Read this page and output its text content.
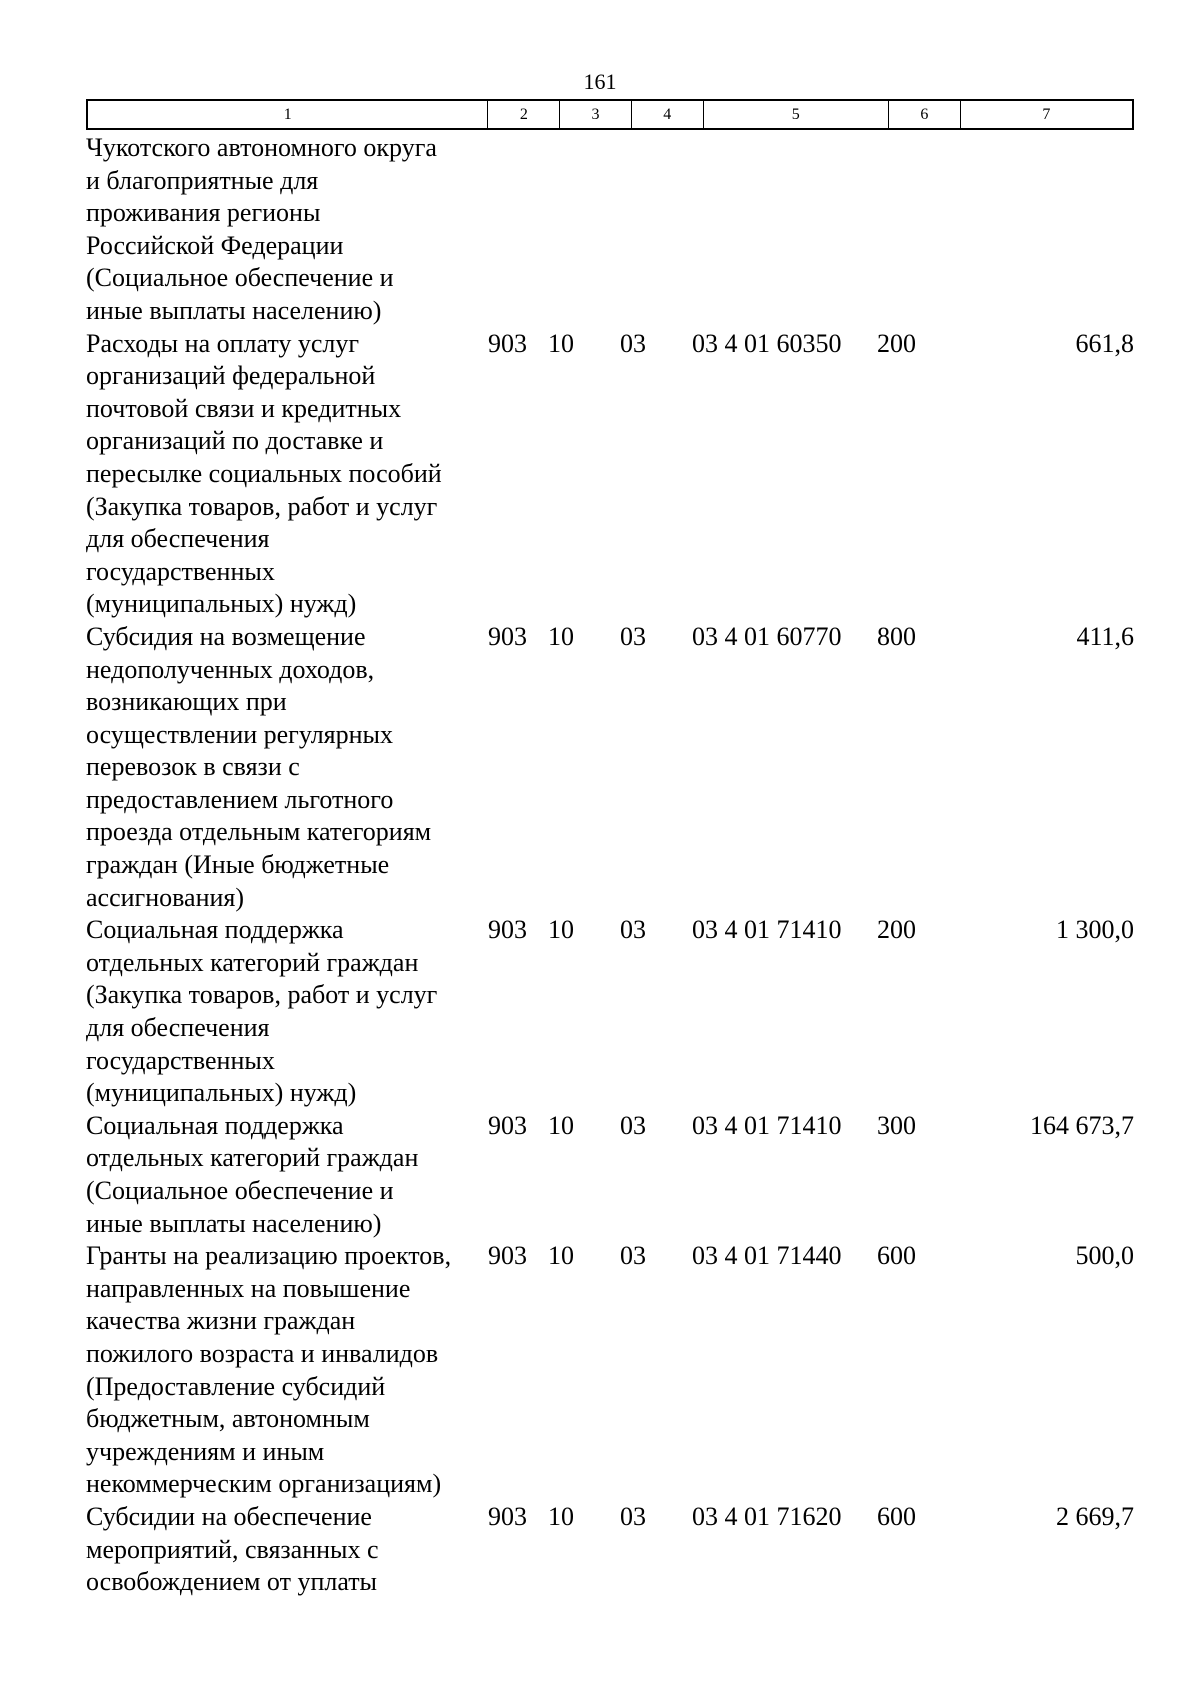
161
1	2	3	4	5	6	7
Чукотского автономного округа
и благоприятные для
проживания регионы
Российской Федерации
(Социальное обеспечение и
иные выплаты населению)
Расходы на оплату услуг
организаций федеральной
почтовой связи и кредитных
организаций по доставке и
пересылке социальных пособий
(Закупка товаров, работ и услуг
для обеспечения
государственных
(муниципальных) нужд)
903 10	03	03 4 01 60350	200	661,8
Субсидия на возмещение
недополученных доходов,
возникающих при
осуществлении регулярных
перевозок в связи с
предоставлением льготного
проезда отдельным категориям
граждан (Иные бюджетные
ассигнования)
903 10	03	03 4 01 60770	800	411,6
Социальная поддержка
отдельных категорий граждан
(Закупка товаров, работ и услуг
для обеспечения
государственных
(муниципальных) нужд)
903 10	03	03 4 01 71410	200	1 300,0
Социальная поддержка
отдельных категорий граждан
(Социальное обеспечение и
иные выплаты населению)
903 10	03	03 4 01 71410	300	164 673,7
Гранты на реализацию проектов,
направленных на повышение
качества жизни граждан
пожилого возраста и инвалидов
(Предоставление субсидий
бюджетным, автономным
учреждениям и иным
некоммерческим организациям)
903 10	03	03 4 01 71440	600	500,0
Субсидии на обеспечение
мероприятий, связанных с
освобождением от уплаты
903 10	03	03 4 01 71620	600	2 669,7
